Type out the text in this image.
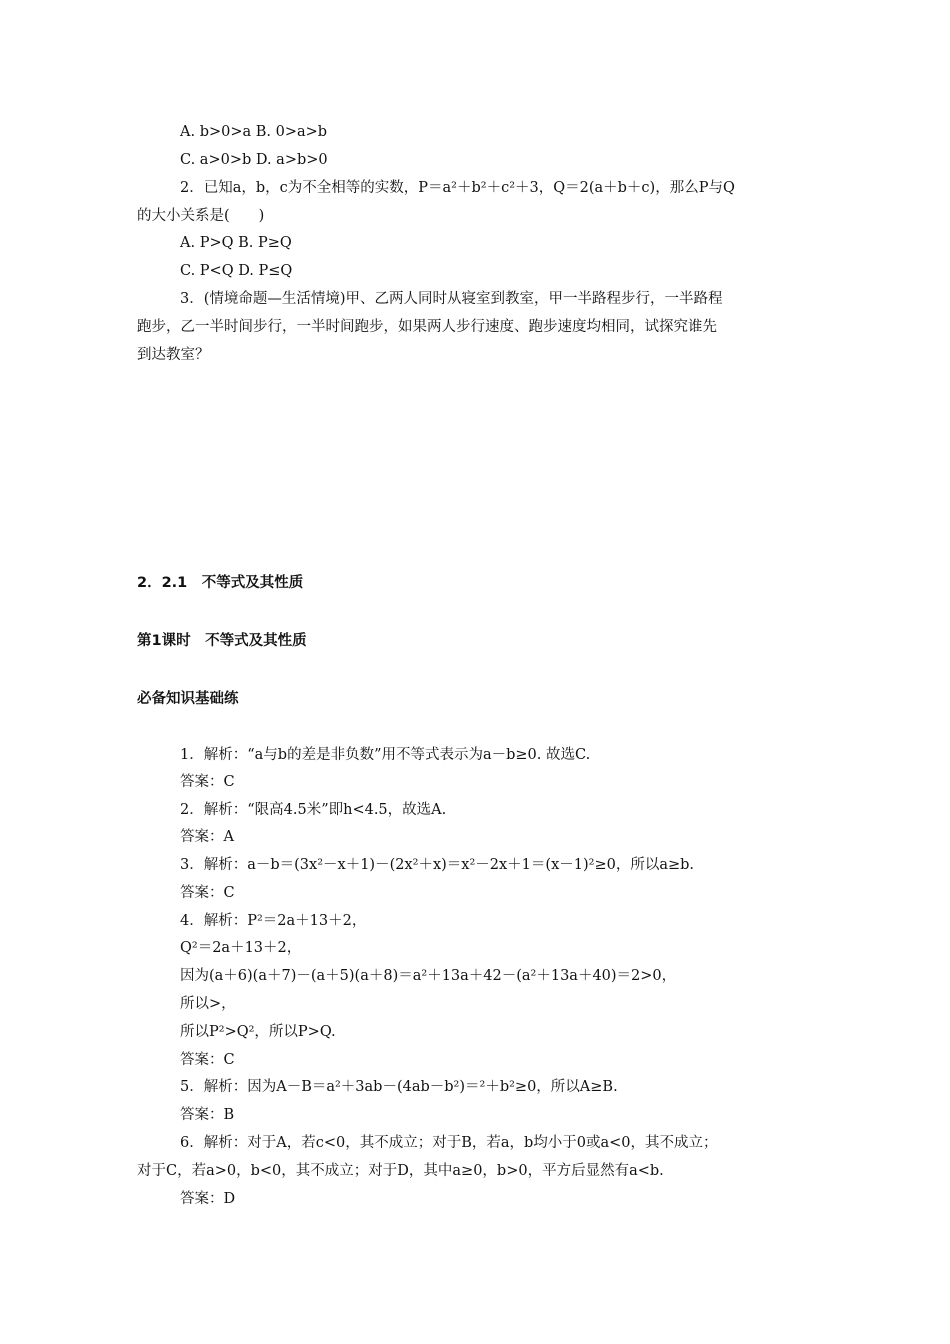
A. b>0>a B. 0>a>b
C. a>0>b D. a>b>0
2．已知a，b，c为不全相等的实数，P＝a²＋b²＋c²＋3，Q＝2(a＋b＋c)，那么P与Q
的大小关系是(　　)
A. P>Q B. P≥Q
C. P<Q D. P≤Q
3．(情境命题—生活情境)甲、乙两人同时从寝室到教室，甲一半路程步行，一半路程
跑步，乙一半时间步行，一半时间跑步，如果两人步行速度、跑步速度均相同，试探究谁先
到达教室？
2．2.1　不等式及其性质
第1课时　不等式及其性质
必备知识基础练
1．解析：“a与b的差是非负数”用不等式表示为a－b≥0. 故选C.
答案：C
2．解析：“限高4.5米”即h<4.5，故选A.
答案：A
3．解析：a－b＝(3x²－x＋1)－(2x²＋x)＝x²－2x＋1＝(x－1)²≥0，所以a≥b.
答案：C
4．解析：P²＝2a＋13＋2，
Q²＝2a＋13＋2，
因为(a＋6)(a＋7)－(a＋5)(a＋8)＝a²＋13a＋42－(a²＋13a＋40)＝2>0，
所以>，
所以P²>Q²，所以P>Q.
答案：C
5．解析：因为A－B＝a²＋3ab－(4ab－b²)＝²＋b²≥0，所以A≥B.
答案：B
6．解析：对于A，若c<0，其不成立；对于B，若a，b均小于0或a<0，其不成立；
对于C，若a>0，b<0，其不成立；对于D，其中a≥0，b>0，平方后显然有a<b.
答案：D
